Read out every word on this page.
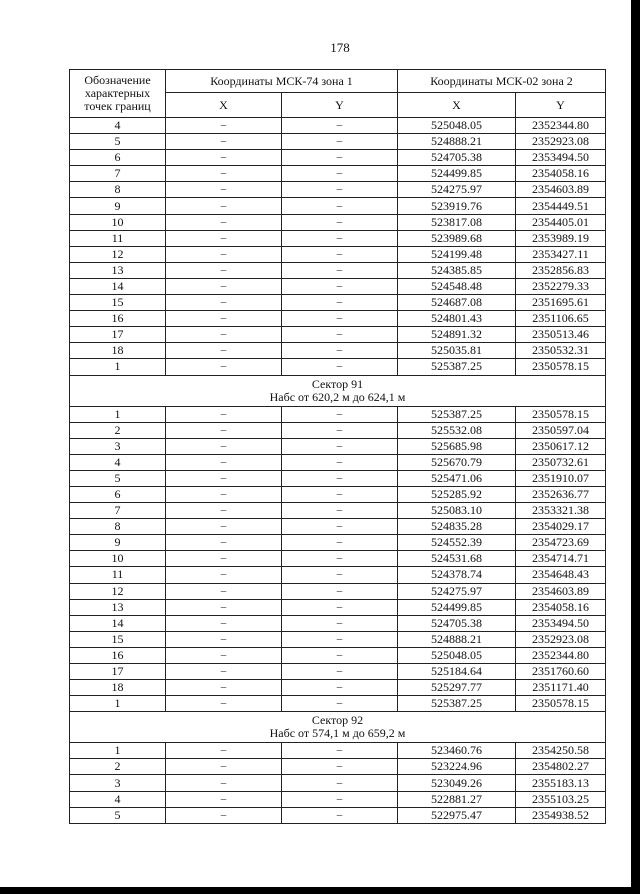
178
Обозначение характерных точек границ	Координаты МСК-74 зона 1		Координаты МСК-02 зона 2	
	X	Y	X	Y
4	–	–	525048.05	2352344.80
5	–	–	524888.21	2352923.08
6	–	–	524705.38	2353494.50
7	–	–	524499.85	2354058.16
8	–	–	524275.97	2354603.89
9	–	–	523919.76	2354449.51
10	–	–	523817.08	2354405.01
11	–	–	523989.68	2353989.19
12	–	–	524199.48	2353427.11
13	–	–	524385.85	2352856.83
14	–	–	524548.48	2352279.33
15	–	–	524687.08	2351695.61
16	–	–	524801.43	2351106.65
17	–	–	524891.32	2350513.46
18	–	–	525035.81	2350532.31
1	–	–	525387.25	2350578.15

Сектор 91
Набс от 620,2 м до 624,1 м				

1	–	–	525387.25	2350578.15
2	–	–	525532.08	2350597.04
3	–	–	525685.98	2350617.12
4	–	–	525670.79	2350732.61
5	–	–	525471.06	2351910.07
6	–	–	525285.92	2352636.77
7	–	–	525083.10	2353321.38
8	–	–	524835.28	2354029.17
9	–	–	524552.39	2354723.69
10	–	–	524531.68	2354714.71
11	–	–	524378.74	2354648.43
12	–	–	524275.97	2354603.89
13	–	–	524499.85	2354058.16
14	–	–	524705.38	2353494.50
15	–	–	524888.21	2352923.08
16	–	–	525048.05	2352344.80
17	–	–	525184.64	2351760.60
18	–	–	525297.77	2351171.40
1	–	–	525387.25	2350578.15

Сектор 92
Набс от 574,1 м до 659,2 м				

1	–	–	523460.76	2354250.58
2	–	–	523224.96	2354802.27
3	–	–	523049.26	2355183.13
4	–	–	522881.27	2355103.25
5	–	–	522975.47	2354938.52
